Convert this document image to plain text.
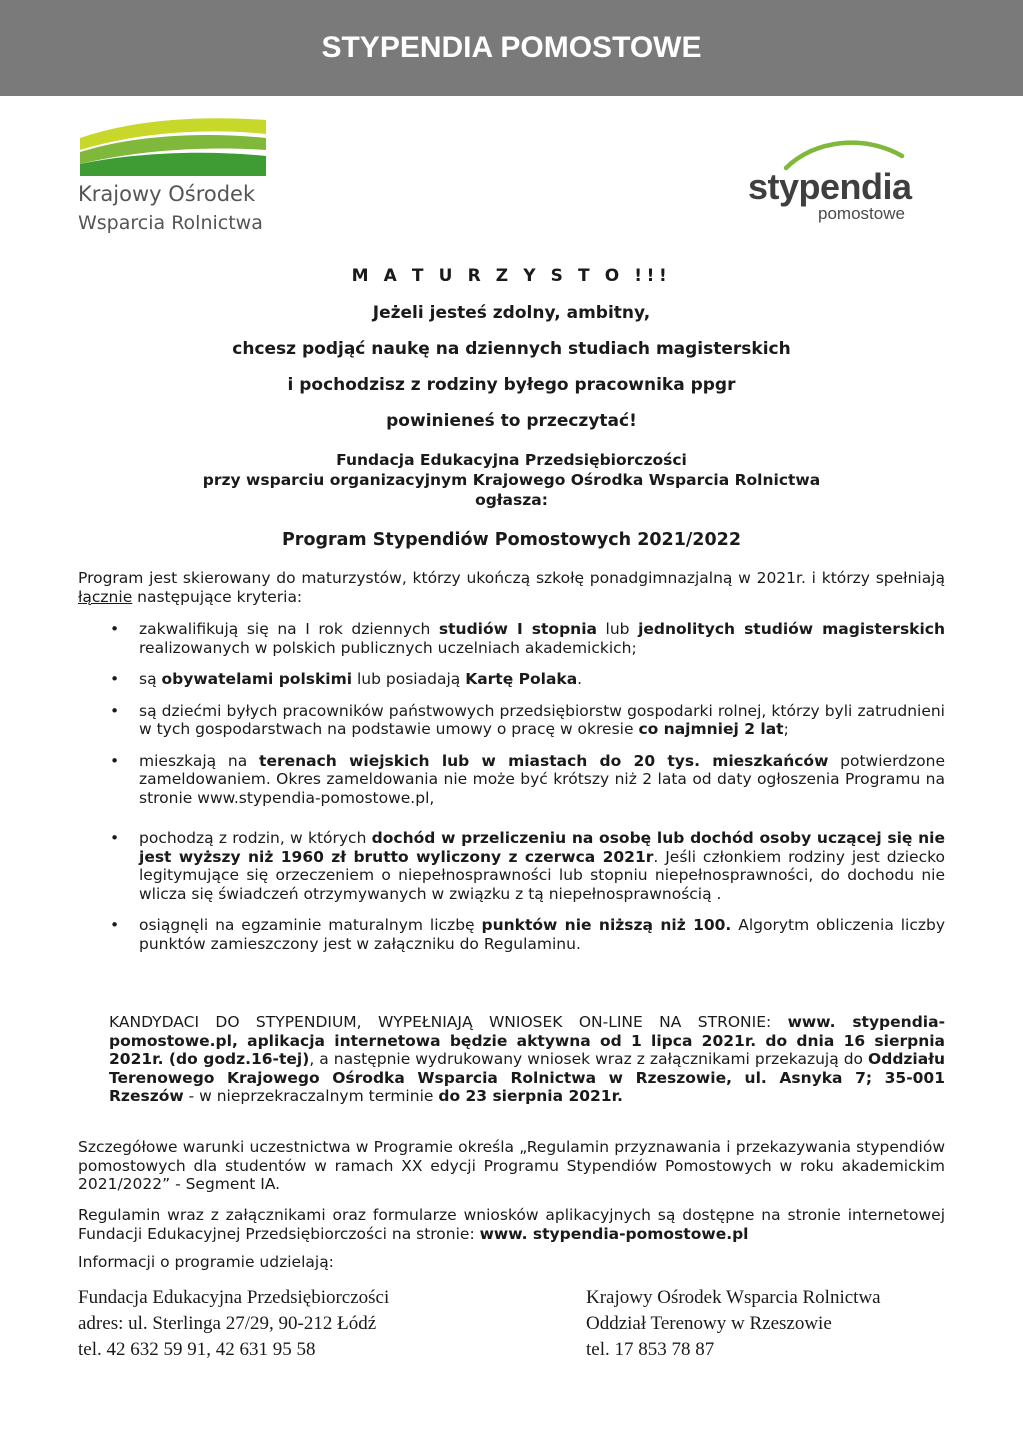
STYPENDIA POMOSTOWE
Krajowy Ośrodek
Wsparcia Rolnictwa
stypendia
pomostowe
M A T U R Z Y S T O !!!
Jeżeli jesteś zdolny, ambitny,
chcesz podjąć naukę na dziennych studiach magisterskich
i pochodzisz z rodziny byłego pracownika ppgr
powinieneś to przeczytać!
Fundacja Edukacyjna Przedsiębiorczości
przy wsparciu organizacyjnym Krajowego Ośrodka Wsparcia Rolnictwa
ogłasza:
Program Stypendiów Pomostowych 2021/2022
Program jest skierowany do maturzystów, którzy ukończą szkołę ponadgimnazjalną w 2021r. i którzy spełniają łącznie następujące kryteria:
• zakwalifikują się na I rok dziennych studiów I stopnia lub jednolitych studiów magisterskich realizowanych w polskich publicznych uczelniach akademickich;
• są obywatelami polskimi lub posiadają Kartę Polaka.
• są dziećmi byłych pracowników państwowych przedsiębiorstw gospodarki rolnej, którzy byli zatrudnieni w tych gospodarstwach na podstawie umowy o pracę w okresie co najmniej 2 lat;
• mieszkają na terenach wiejskich lub w miastach do 20 tys. mieszkańców potwierdzone zameldowaniem. Okres zameldowania nie może być krótszy niż 2 lata od daty ogłoszenia Programu na stronie www.stypendia-pomostowe.pl,
• pochodzą z rodzin, w których dochód w przeliczeniu na osobę lub dochód osoby uczącej się nie jest wyższy niż 1960 zł brutto wyliczony z czerwca 2021r. Jeśli członkiem rodziny jest dziecko legitymujące się orzeczeniem o niepełnosprawności lub stopniu niepełnosprawności, do dochodu nie wlicza się świadczeń otrzymywanych w związku z tą niepełnosprawnością .
• osiągnęli na egzaminie maturalnym liczbę punktów nie niższą niż 100. Algorytm obliczenia liczby punktów zamieszczony jest w załączniku do Regulaminu.
KANDYDACI DO STYPENDIUM, WYPEŁNIAJĄ WNIOSEK ON-LINE NA STRONIE: www. stypendia-pomostowe.pl, aplikacja internetowa będzie aktywna od 1 lipca 2021r. do dnia 16 sierpnia 2021r. (do godz.16-tej), a następnie wydrukowany wniosek wraz z załącznikami przekazują do Oddziału Terenowego Krajowego Ośrodka Wsparcia Rolnictwa w Rzeszowie, ul. Asnyka 7; 35-001 Rzeszów - w nieprzekraczalnym terminie do 23 sierpnia 2021r.
Szczegółowe warunki uczestnictwa w Programie określa „Regulamin przyznawania i przekazywania stypendiów pomostowych dla studentów w ramach XX edycji Programu Stypendiów Pomostowych w roku akademickim 2021/2022” - Segment IA.
Regulamin wraz z załącznikami oraz formularze wniosków aplikacyjnych są dostępne na stronie internetowej Fundacji Edukacyjnej Przedsiębiorczości na stronie: www. stypendia-pomostowe.pl
Informacji o programie udzielają:
Fundacja Edukacyjna Przedsiębiorczości
adres: ul. Sterlinga 27/29, 90-212 Łódź
tel. 42 632 59 91, 42 631 95 58
Krajowy Ośrodek Wsparcia Rolnictwa
Oddział Terenowy w Rzeszowie
tel. 17 853 78 87
